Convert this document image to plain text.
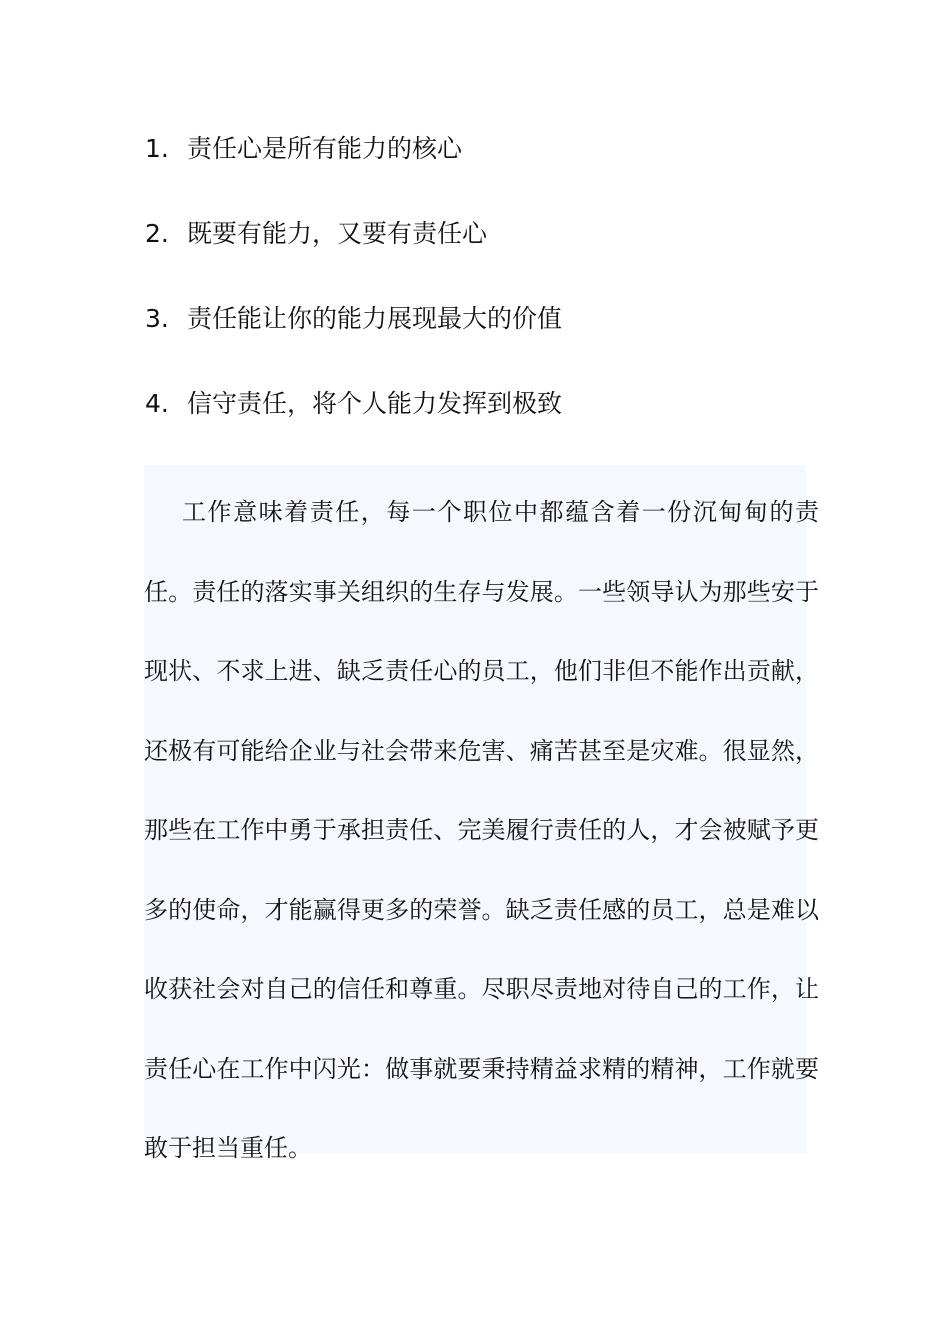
1. 责任心是所有能力的核心
2. 既要有能力，又要有责任心
3. 责任能让你的能力展现最大的价值
4. 信守责任，将个人能力发挥到极致

工作意味着责任，每一个职位中都蕴含着一份沉甸甸的责任。责任的落实事关组织的生存与发展。一些领导认为那些安于现状、不求上进、缺乏责任心的员工，他们非但不能作出贡献，还极有可能给企业与社会带来危害、痛苦甚至是灾难。很显然，那些在工作中勇于承担责任、完美履行责任的人，才会被赋予更多的使命，才能赢得更多的荣誉。缺乏责任感的员工，总是难以收获社会对自己的信任和尊重。尽职尽责地对待自己的工作，让责任心在工作中闪光：做事就要秉持精益求精的精神，工作就要敢于担当重任。
